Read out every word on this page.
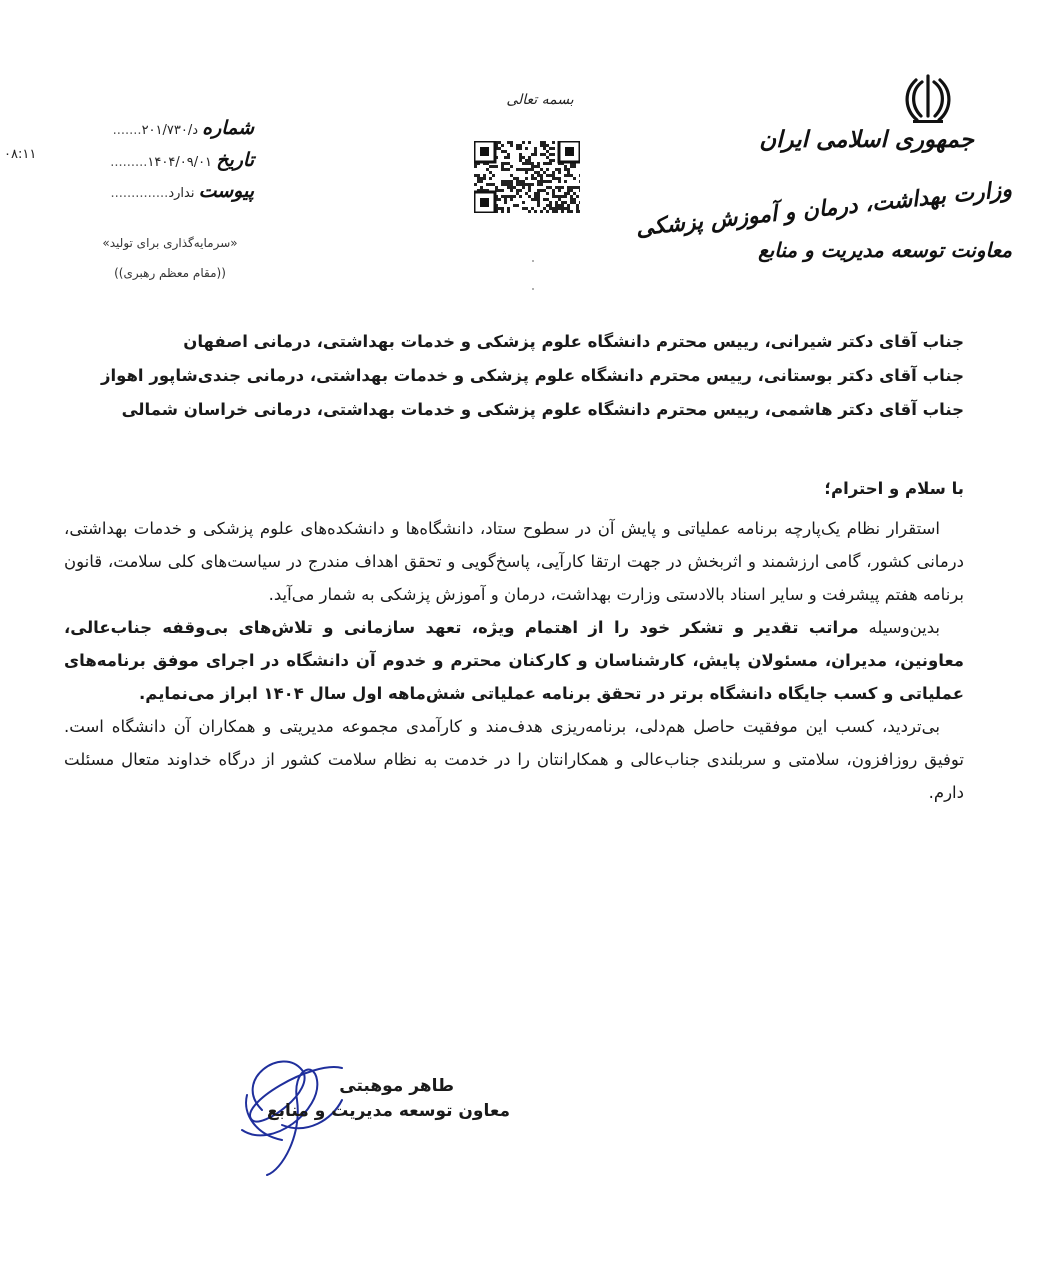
جمهوری اسلامی ایران
وزارت بهداشت، درمان و آموزش پزشکی
معاونت توسعه مدیریت و منابع
بسمه تعالی
شماره د/۲۰۱/۷۳۰.......
تاریخ ۱۴۰۴/۰۹/۰۱.........
پیوست ندارد..............
۰۸:۱۱
«سرمایه‌گذاری برای تولید»
((مقام معظم رهبری))
جناب آقای دکتر شیرانی، رییس محترم دانشگاه علوم پزشکی و خدمات بهداشتی، درمانی اصفهان
جناب آقای دکتر بوستانی، رییس محترم دانشگاه علوم پزشکی و خدمات بهداشتی، درمانی جندی‌شاپور اهواز
جناب آقای دکتر هاشمی، رییس محترم دانشگاه علوم پزشکی و خدمات بهداشتی، درمانی خراسان شمالی
با سلام و احترام؛

استقرار نظام یک‌پارچه برنامه عملیاتی و پایش آن در سطوح ستاد، دانشگاه‌ها و دانشکده‌های علوم پزشکی و خدمات بهداشتی، درمانی کشور، گامی ارزشمند و اثربخش در جهت ارتقا کارآیی، پاسخ‌گویی و تحقق اهداف مندرج در سیاست‌های کلی سلامت، قانون برنامه هفتم پیشرفت و سایر اسناد بالادستی وزارت بهداشت، درمان و آموزش پزشکی به شمار می‌آید.

بدین‌وسیله مراتب تقدیر و تشکر خود را از اهتمام ویژه، تعهد سازمانی و تلاش‌های بی‌وقفه جناب‌عالی، معاونین، مدیران، مسئولان پایش، کارشناسان و کارکنان محترم و خدوم آن دانشگاه در اجرای موفق برنامه‌های عملیاتی و کسب جایگاه دانشگاه برتر در تحقق برنامه عملیاتی شش‌ماهه اول سال ۱۴۰۴ ابراز می‌نمایم.

بی‌تردید، کسب این موفقیت حاصل هم‌دلی، برنامه‌ریزی هدف‌مند و کارآمدی مجموعه مدیریتی و همکاران آن دانشگاه است. توفیق روزافزون، سلامتی و سربلندی جناب‌عالی و همکارانتان را در خدمت به نظام سلامت کشور از درگاه خداوند متعال مسئلت دارم.

طاهر موهبتی
معاون توسعه مدیریت و منابع
